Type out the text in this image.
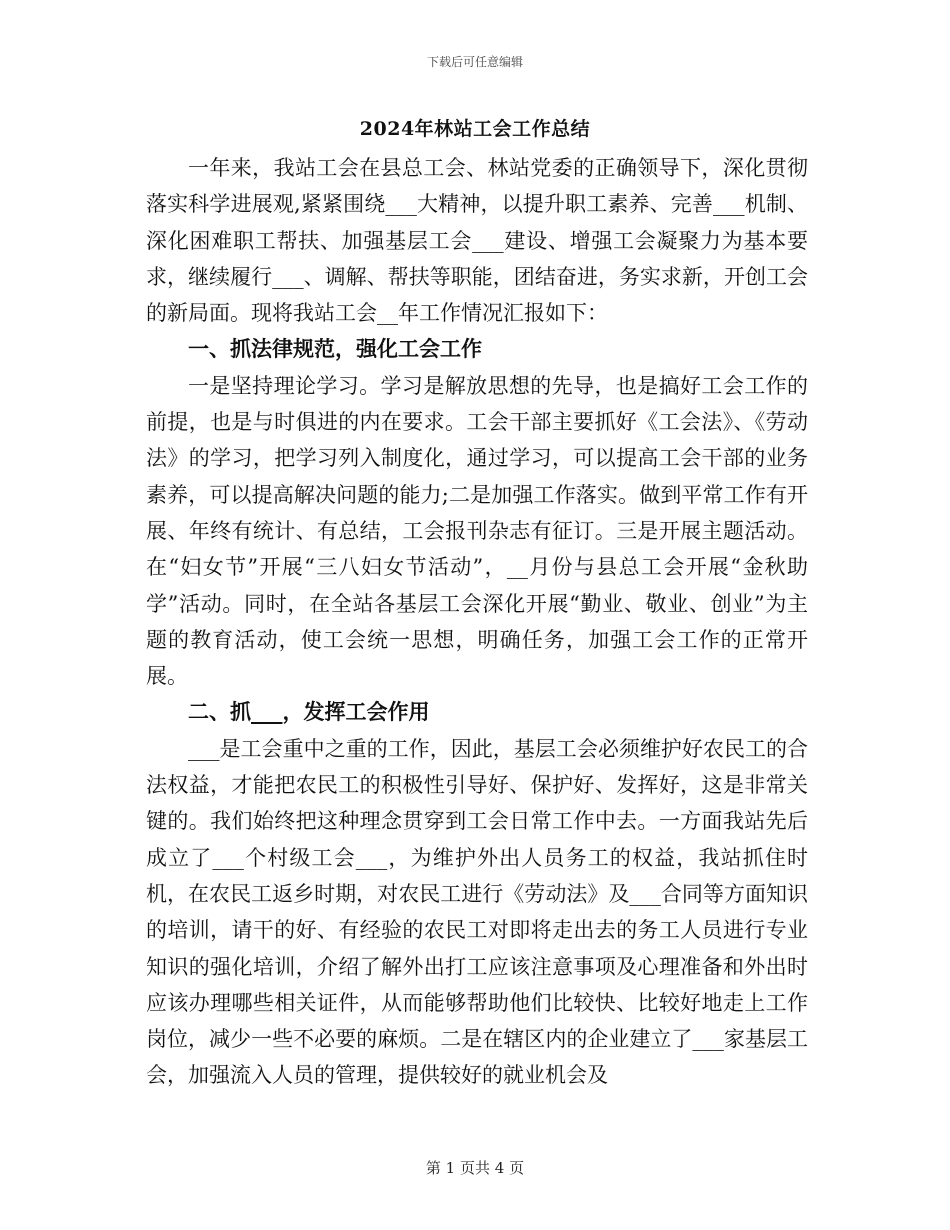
下载后可任意编辑
2024年林站工会工作总结

一年来，我站工会在县总工会、林站党委的正确领导下，深化贯彻落实科学进展观,紧紧围绕___大精神，以提升职工素养、完善___机制、深化困难职工帮扶、加强基层工会___建设、增强工会凝聚力为基本要求，继续履行___、调解、帮扶等职能，团结奋进，务实求新，开创工会的新局面。现将我站工会__年工作情况汇报如下：

一、抓法律规范，强化工会工作

一是坚持理论学习。学习是解放思想的先导，也是搞好工会工作的前提，也是与时俱进的内在要求。工会干部主要抓好《工会法》、《劳动法》的学习，把学习列入制度化，通过学习，可以提高工会干部的业务素养，可以提高解决问题的能力;二是加强工作落实。做到平常工作有开展、年终有统计、有总结，工会报刊杂志有征订。三是开展主题活动。在“妇女节”开展“三八妇女节活动”，__月份与县总工会开展“金秋助学”活动。同时，在全站各基层工会深化开展“勤业、敬业、创业”为主题的教育活动，使工会统一思想，明确任务，加强工会工作的正常开展。

二、抓___，发挥工会作用

___是工会重中之重的工作，因此，基层工会必须维护好农民工的合法权益，才能把农民工的积极性引导好、保护好、发挥好，这是非常关键的。我们始终把这种理念贯穿到工会日常工作中去。一方面我站先后成立了___个村级工会___，为维护外出人员务工的权益，我站抓住时机，在农民工返乡时期，对农民工进行《劳动法》及___合同等方面知识的培训，请干的好、有经验的农民工对即将走出去的务工人员进行专业知识的强化培训，介绍了解外出打工应该注意事项及心理准备和外出时应该办理哪些相关证件，从而能够帮助他们比较快、比较好地走上工作岗位，减少一些不必要的麻烦。二是在辖区内的企业建立了___家基层工会，加强流入人员的管理，提供较好的就业机会及

第 1 页共 4 页
